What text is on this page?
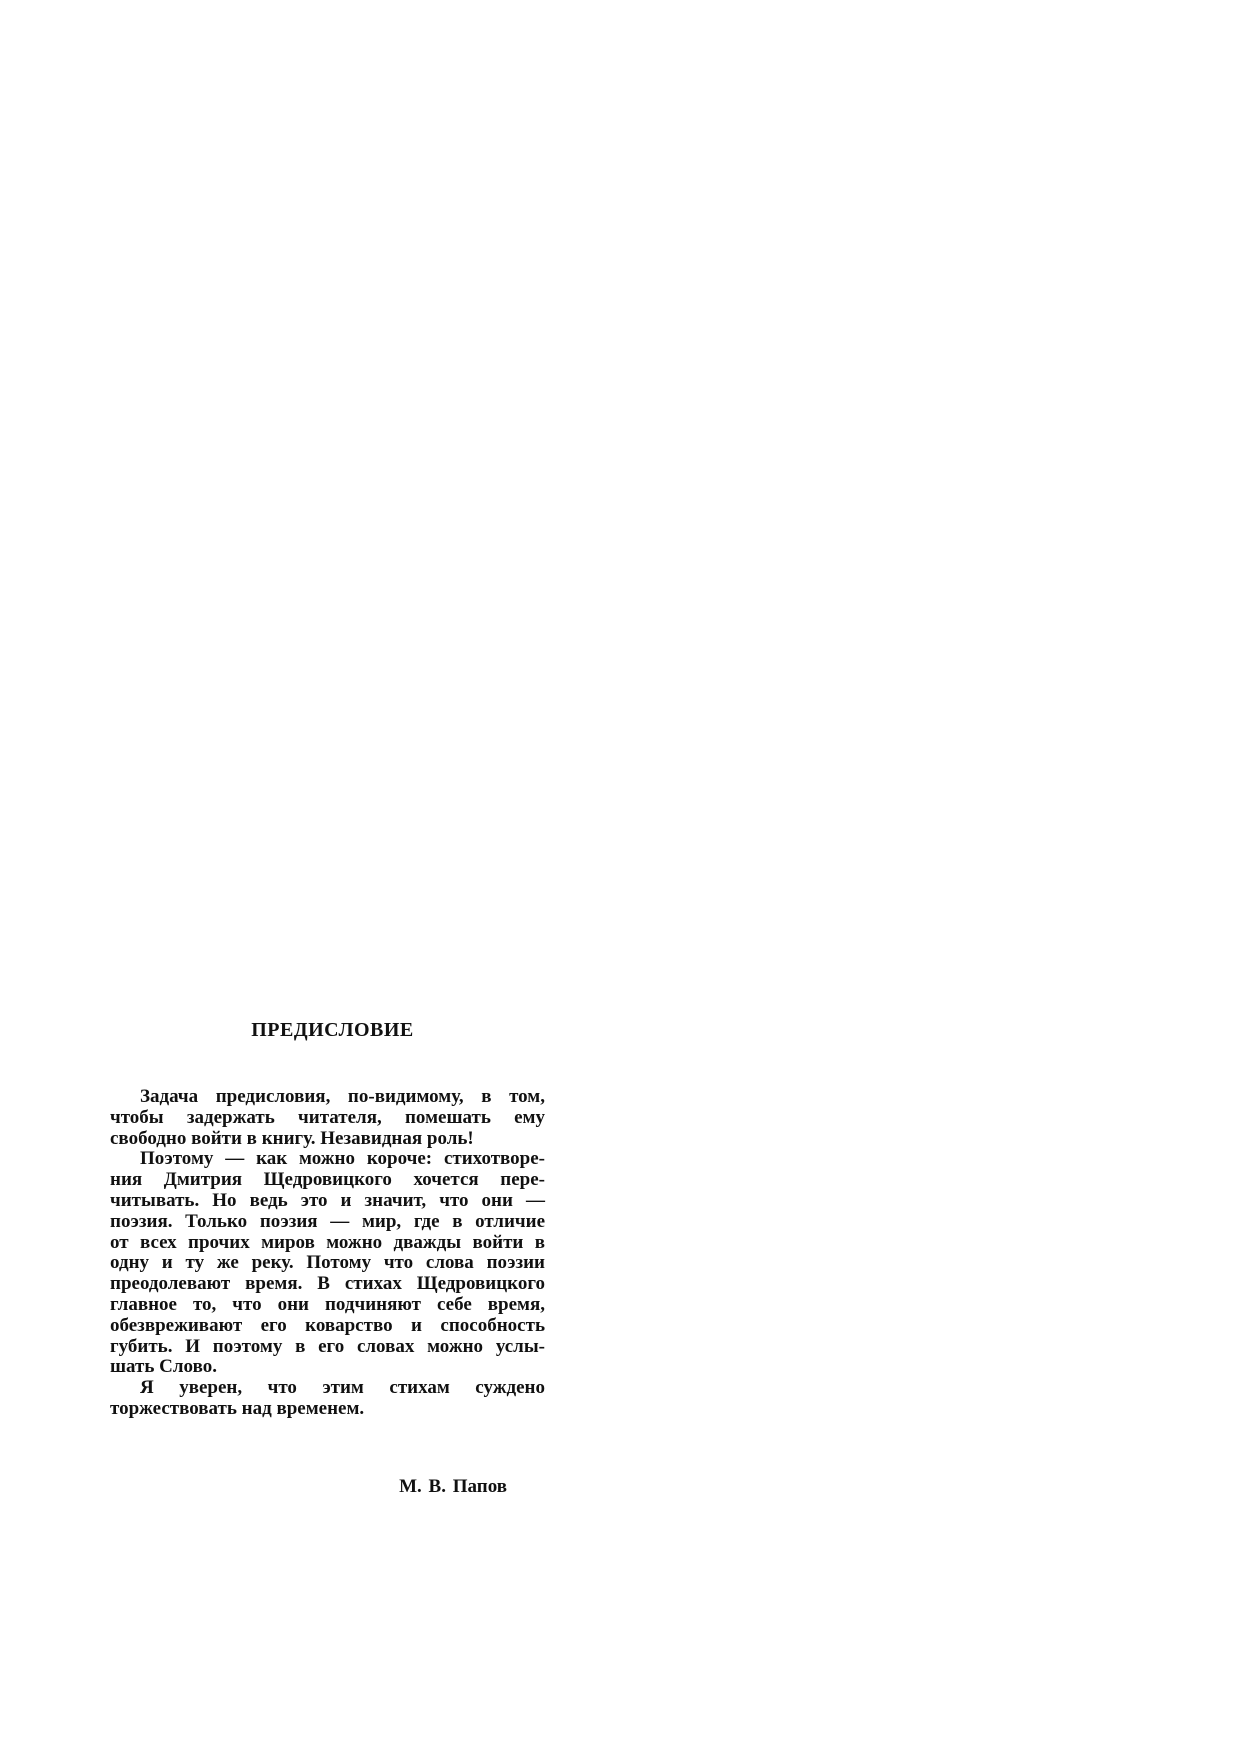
ПРЕДИСЛОВИЕ
Задача предисловия, по-видимому, в том,
чтобы задержать читателя, помешать ему
свободно войти в книгу. Незавидная роль!
Поэтому — как можно короче: стихотворе-
ния Дмитрия Щедровицкого хочется пере-
читывать. Но ведь это и значит, что они —
поэзия. Только поэзия — мир, где в отличие
от всех прочих миров можно дважды войти в
одну и ту же реку. Потому что слова поэзии
преодолевают время. В стихах Щедровицкого
главное то, что они подчиняют себе время,
обезвреживают его коварство и способность
губить. И поэтому в его словах можно услы-
шать Слово.
Я уверен, что этим стихам суждено
торжествовать над временем.

М. В. Папов
